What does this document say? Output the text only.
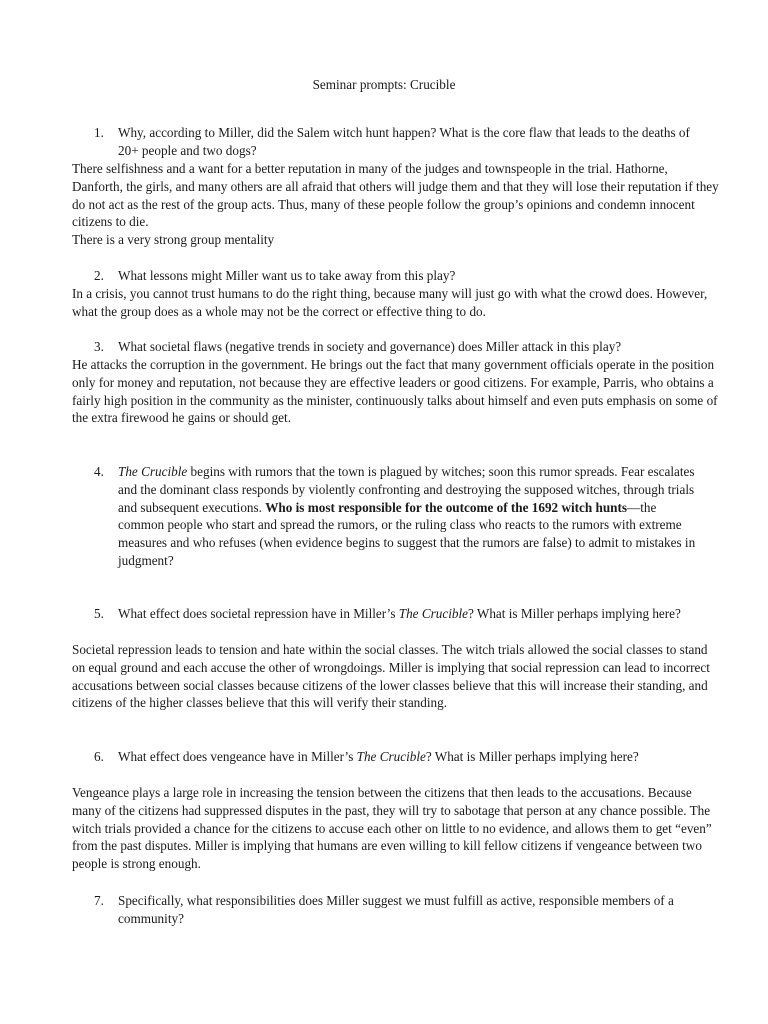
Seminar prompts: Crucible
1. Why, according to Miller, did the Salem witch hunt happen? What is the core flaw that leads to the deaths of 20+ people and two dogs?

There selfishness and a want for a better reputation in many of the judges and townspeople in the trial. Hathorne, Danforth, the girls, and many others are all afraid that others will judge them and that they will lose their reputation if they do not act as the rest of the group acts. Thus, many of these people follow the group’s opinions and condemn innocent citizens to die.

There is a very strong group mentality

2. What lessons might Miller want us to take away from this play?

In a crisis, you cannot trust humans to do the right thing, because many will just go with what the crowd does. However, what the group does as a whole may not be the correct or effective thing to do.

3. What societal flaws (negative trends in society and governance) does Miller attack in this play?

He attacks the corruption in the government. He brings out the fact that many government officials operate in the position only for money and reputation, not because they are effective leaders or good citizens. For example, Parris, who obtains a fairly high position in the community as the minister, continuously talks about himself and even puts emphasis on some of the extra firewood he gains or should get.

4. The Crucible begins with rumors that the town is plagued by witches; soon this rumor spreads. Fear escalates and the dominant class responds by violently confronting and destroying the supposed witches, through trials and subsequent executions. Who is most responsible for the outcome of the 1692 witch hunts—the common people who start and spread the rumors, or the ruling class who reacts to the rumors with extreme measures and who refuses (when evidence begins to suggest that the rumors are false) to admit to mistakes in judgment?
5. What effect does societal repression have in Miller’s The Crucible? What is Miller perhaps implying here?

Societal repression leads to tension and hate within the social classes. The witch trials allowed the social classes to stand on equal ground and each accuse the other of wrongdoings. Miller is implying that social repression can lead to incorrect accusations between social classes because citizens of the lower classes believe that this will increase their standing, and citizens of the higher classes believe that this will verify their standing.

6. What effect does vengeance have in Miller’s The Crucible? What is Miller perhaps implying here?

Vengeance plays a large role in increasing the tension between the citizens that then leads to the accusations. Because many of the citizens had suppressed disputes in the past, they will try to sabotage that person at any chance possible. The witch trials provided a chance for the citizens to accuse each other on little to no evidence, and allows them to get “even” from the past disputes. Miller is implying that humans are even willing to kill fellow citizens if vengeance between two people is strong enough.

7. Specifically, what responsibilities does Miller suggest we must fulfill as active, responsible members of a community?
